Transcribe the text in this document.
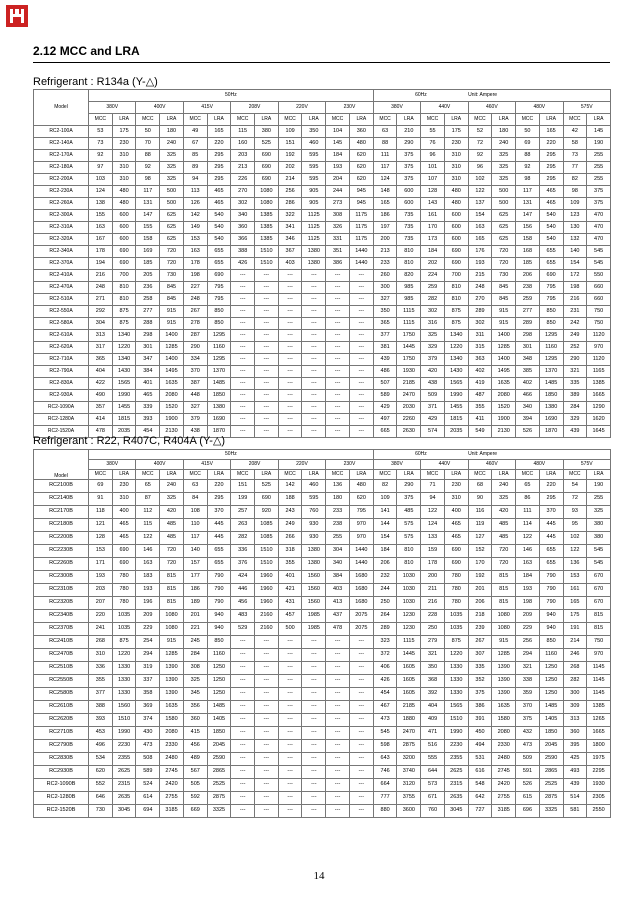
2.12 MCC and LRA
Refrigerant : R134a (Y-△)
Model	50Hz												60Hz				Unit: Ampere					
	380V		400V		415V		208V		220V		230V		380V		440V		460V		480V		575V	
	MCC	LRA	MCC	LRA	MCC	LRA	MCC	LRA	MCC	LRA	MCC	LRA	MCC	LRA	MCC	LRA	MCC	LRA	MCC	LRA	MCC	LRA
RC2-100A	53	175	50	180	49	165	115	380	109	350	104	360	63	210	55	175	52	180	50	165	42	145
RC2-140A	73	230	70	240	67	220	160	525	151	460	145	480	88	290	76	230	72	240	69	220	58	190
RC2-170A	92	310	88	325	85	295	203	690	192	595	184	620	111	375	96	310	92	325	88	295	73	255
RC2-180A	97	310	92	325	89	295	213	690	202	595	193	620	117	375	101	310	96	325	92	295	77	255
RC2-200A	103	310	98	325	94	295	226	690	214	595	204	620	124	375	107	310	102	325	98	295	82	255
RC2-230A	124	480	117	500	113	465	270	1080	256	905	244	945	148	600	128	480	122	500	117	465	98	375
RC2-260A	138	480	131	500	126	465	302	1080	286	905	273	945	165	600	143	480	137	500	131	465	109	375
RC2-300A	155	600	147	625	142	540	340	1385	322	1125	308	1175	186	735	161	600	154	625	147	540	123	470
RC2-310A	163	600	155	625	149	540	360	1385	341	1125	326	1175	197	735	170	600	163	625	156	540	130	470
RC2-320A	167	600	158	625	153	540	366	1385	346	1125	331	1175	200	735	173	600	165	625	158	540	132	470
RC2-340A	178	690	169	720	163	655	388	1510	367	1380	351	1440	213	810	184	690	176	720	168	655	140	545
RC2-370A	194	690	185	720	178	655	426	1510	403	1380	386	1440	233	810	202	690	193	720	185	655	154	545
RC2-410A	216	700	205	730	198	690	---	---	---	---	---	---	260	820	224	700	215	730	206	690	172	550
RC2-470A	248	810	236	845	227	795	---	---	---	---	---	---	300	985	259	810	248	845	238	795	198	660
RC2-510A	271	810	258	845	248	795	---	---	---	---	---	---	327	985	282	810	270	845	259	795	216	660
RC2-550A	292	875	277	915	267	850	---	---	---	---	---	---	350	1115	302	875	289	915	277	850	231	750
RC2-580A	304	875	288	915	278	850	---	---	---	---	---	---	365	1115	316	875	302	915	289	850	242	750
RC2-610A	313	1340	298	1400	287	1295	---	---	---	---	---	---	377	1750	325	1340	311	1400	298	1295	249	1120
RC2-620A	317	1220	301	1285	290	1160	---	---	---	---	---	---	381	1445	329	1220	315	1285	301	1160	252	970
RC2-710A	365	1340	347	1400	334	1295	---	---	---	---	---	---	439	1750	379	1340	363	1400	348	1295	290	1120
RC2-790A	404	1430	384	1495	370	1370	---	---	---	---	---	---	486	1930	420	1430	402	1495	385	1370	321	1165
RC2-830A	422	1565	401	1635	387	1485	---	---	---	---	---	---	507	2185	438	1565	419	1635	402	1485	335	1385
RC2-930A	490	1990	465	2080	448	1850	---	---	---	---	---	---	589	2470	509	1990	487	2080	466	1850	389	1665
RC2-1090A	357	1455	339	1520	327	1380	---	---	---	---	---	---	429	2030	371	1455	355	1520	340	1380	284	1290
RC2-1280A	414	1815	393	1900	379	1690	---	---	---	---	---	---	497	2260	429	1815	411	1900	394	1690	329	1620
RC2-1520A	478	2035	454	2130	438	1870	---	---	---	---	---	---	665	2630	574	2035	549	2130	526	1870	439	1645
Refrigerant : R22, R407C, R404A (Y-△)
Model	50Hz												60Hz				Unit: Ampere					
	380V		400V		415V		208V		220V		230V		380V		440V		460V		480V		575V	
	MCC	LRA	MCC	LRA	MCC	LRA	MCC	LRA	MCC	LRA	MCC	LRA	MCC	LRA	MCC	LRA	MCC	LRA	MCC	LRA	MCC	LRA
RC2100B	69	230	65	240	63	220	151	525	142	460	136	480	82	290	71	230	68	240	65	220	54	190
RC2140B	91	310	87	325	84	295	199	690	188	595	180	620	109	375	94	310	90	325	86	295	72	255
RC2170B	118	400	112	420	108	370	257	920	243	760	233	795	141	485	122	400	116	420	111	370	93	325
RC2180B	121	465	115	485	110	445	263	1085	249	930	238	970	144	575	124	465	119	485	114	445	95	380
RC2200B	128	465	122	485	117	445	282	1085	266	930	255	970	154	575	133	465	127	485	122	445	102	380
RC2230B	153	690	146	720	140	655	336	1510	318	1380	304	1440	184	810	159	690	152	720	146	655	122	545
RC2260B	171	690	163	720	157	655	376	1510	355	1380	340	1440	206	810	178	690	170	720	163	655	136	545
RC2300B	193	780	183	815	177	790	424	1960	401	1560	384	1680	232	1030	200	780	192	815	184	790	153	670
RC2310B	203	780	193	815	186	790	446	1960	421	1560	403	1680	244	1030	211	780	201	815	193	790	161	670
RC2320B	207	780	196	815	189	790	456	1960	431	1560	413	1680	250	1030	216	780	206	815	198	790	165	670
RC2340B	220	1035	209	1080	201	940	483	2160	457	1985	437	2075	264	1230	228	1035	218	1080	209	940	175	815
RC2370B	241	1035	229	1080	221	940	529	2160	500	1985	478	2075	289	1230	250	1035	239	1080	229	940	191	815
RC2410B	268	875	254	915	245	850	---	---	---	---	---	---	323	1115	279	875	267	915	256	850	214	750
RC2470B	310	1220	294	1285	284	1160	---	---	---	---	---	---	372	1445	321	1220	307	1285	294	1160	246	970
RC2510B	336	1330	319	1390	308	1250	---	---	---	---	---	---	406	1605	350	1330	335	1390	321	1250	268	1145
RC2550B	355	1330	337	1390	325	1250	---	---	---	---	---	---	426	1605	368	1330	352	1390	338	1250	282	1145
RC2580B	377	1330	358	1390	345	1250	---	---	---	---	---	---	454	1605	392	1330	375	1390	359	1250	300	1145
RC2610B	388	1560	369	1635	356	1485	---	---	---	---	---	---	467	2185	404	1565	386	1635	370	1485	309	1385
RC2620B	393	1510	374	1580	360	1405	---	---	---	---	---	---	473	1880	409	1510	391	1580	375	1405	313	1265
RC2710B	453	1990	430	2080	415	1850	---	---	---	---	---	---	545	2470	471	1990	450	2080	432	1850	360	1665
RC2790B	496	2230	473	2330	456	2045	---	---	---	---	---	---	598	2875	516	2230	494	2330	473	2045	395	1800
RC2830B	534	2355	508	2480	489	2590	---	---	---	---	---	---	643	3200	555	2355	531	2480	509	2590	425	1975
RC2930B	620	2625	589	2745	567	2865	---	---	---	---	---	---	746	3740	644	2625	616	2745	591	2865	493	2295
RC2-1090B	552	2315	524	2420	505	2525	---	---	---	---	---	---	664	3120	573	2315	548	2420	526	2525	439	1930
RC2-1280B	646	2635	614	2755	592	2875	---	---	---	---	---	---	777	3755	671	2635	642	2755	615	2875	514	2305
RC2-1520B	730	3045	694	3185	669	3325	---	---	---	---	---	---	880	3600	760	3045	727	3185	696	3325	581	2550
14
